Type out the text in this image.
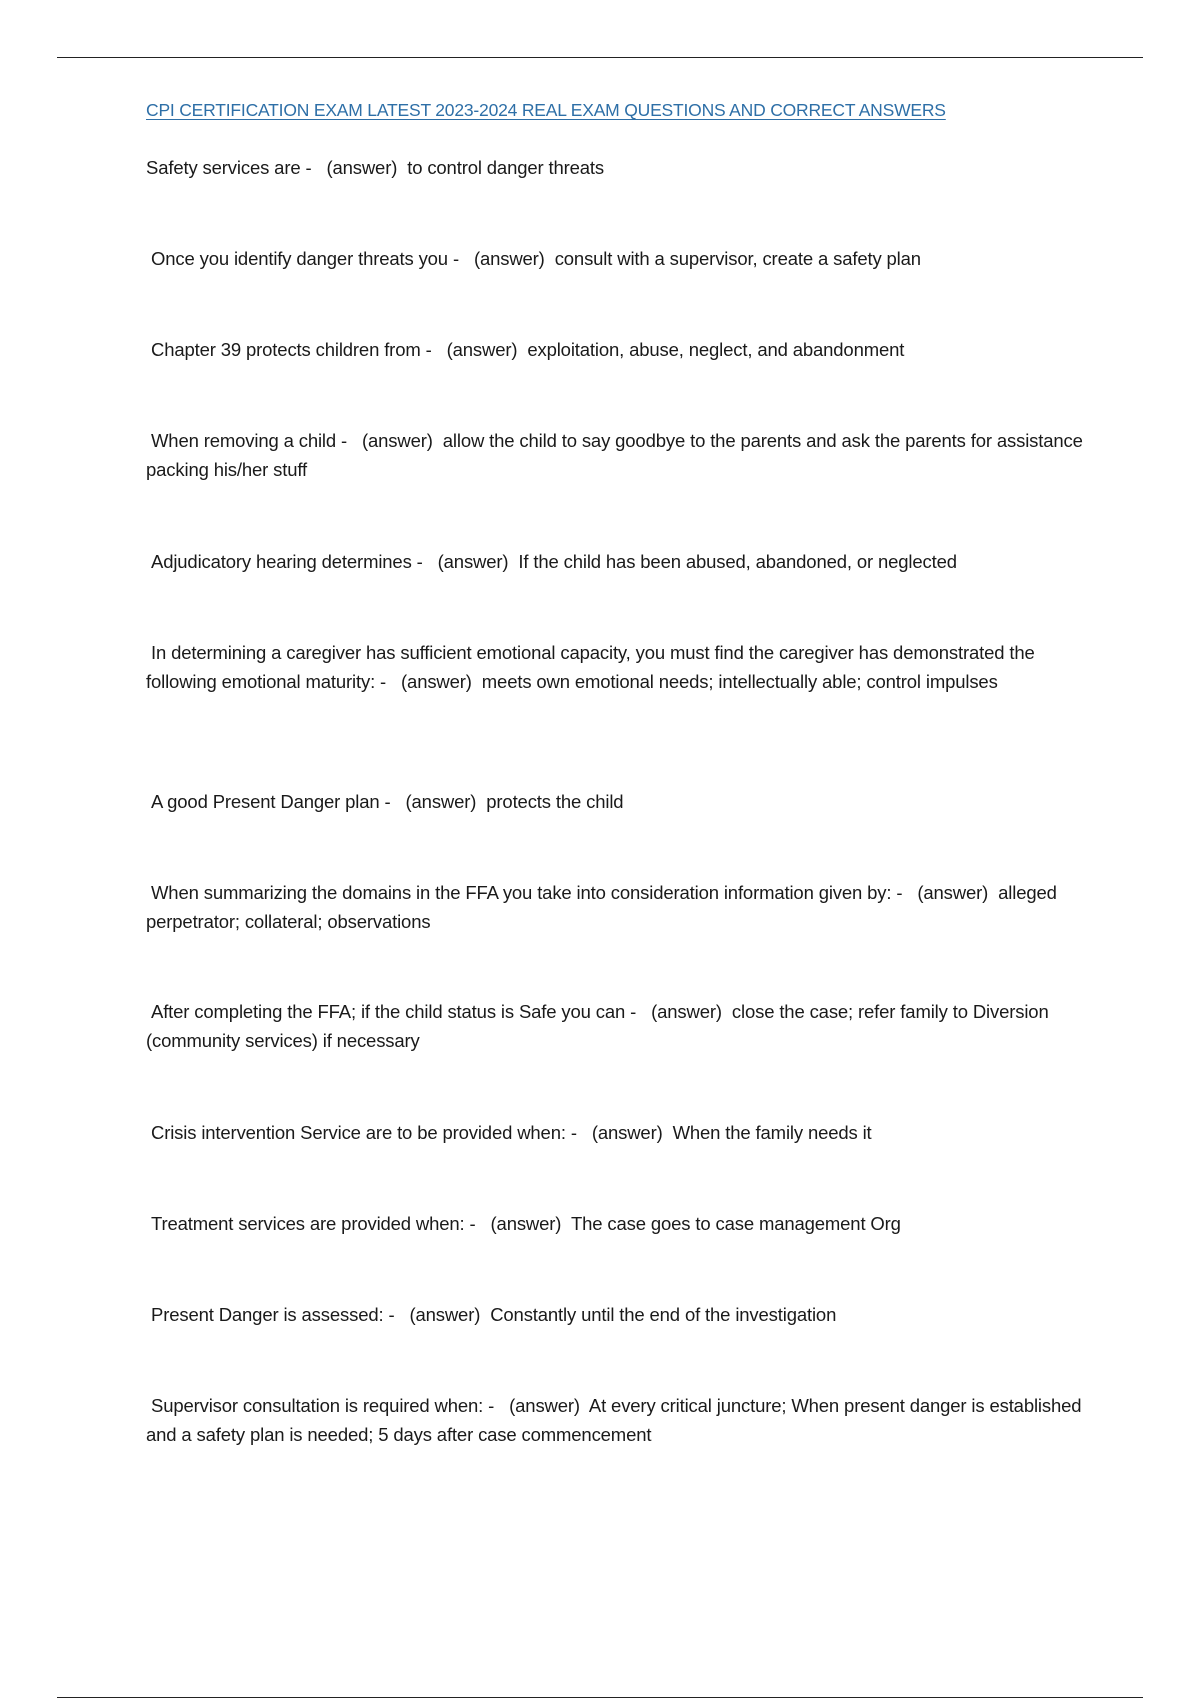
CPI CERTIFICATION EXAM LATEST 2023-2024 REAL EXAM QUESTIONS AND CORRECT ANSWERS
Safety services are - (answer) to control danger threats
Once you identify danger threats you - (answer) consult with a supervisor, create a safety plan
Chapter 39 protects children from - (answer) exploitation, abuse, neglect, and abandonment
When removing a child - (answer) allow the child to say goodbye to the parents and ask the parents for assistance packing his/her stuff
Adjudicatory hearing determines - (answer) If the child has been abused, abandoned, or neglected
In determining a caregiver has sufficient emotional capacity, you must find the caregiver has demonstrated the following emotional maturity: - (answer) meets own emotional needs; intellectually able; control impulses
A good Present Danger plan - (answer) protects the child
When summarizing the domains in the FFA you take into consideration information given by: - (answer) alleged perpetrator; collateral; observations
After completing the FFA; if the child status is Safe you can - (answer) close the case; refer family to Diversion (community services) if necessary
Crisis intervention Service are to be provided when: - (answer) When the family needs it
Treatment services are provided when: - (answer) The case goes to case management Org
Present Danger is assessed: - (answer) Constantly until the end of the investigation
Supervisor consultation is required when: - (answer) At every critical juncture; When present danger is established and a safety plan is needed; 5 days after case commencement
